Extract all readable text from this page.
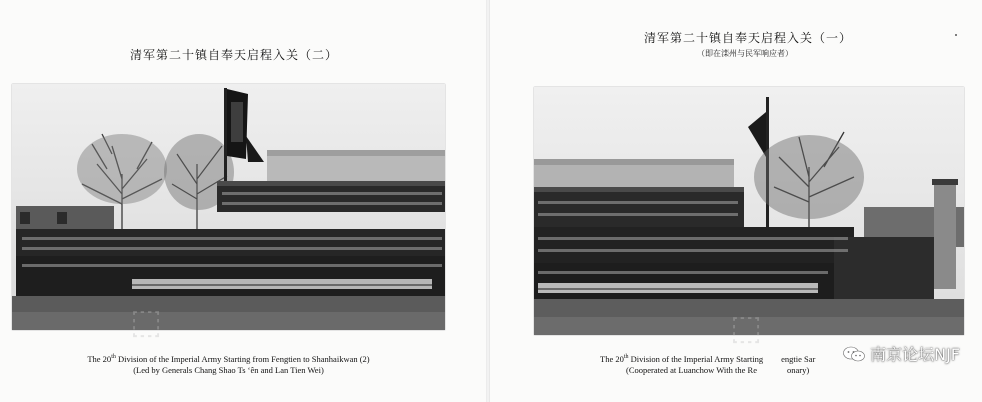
清军第二十镇自奉天启程入关（二）
The 20th Division of the Imperial Army Starting from Fengtien to Shanhaikwan (2)
(Led by Generals Chang Shao Ts ʻên and Lan Tien Wei)
⬚
清军第二十镇自奉天启程入关（一）
（即在滦州与民军响应者）
The 20th Division of the Imperial Army Starting engtie Sar
(Cooperated at Luanchow With the Re	onary)
⬚
南京论坛NJF
